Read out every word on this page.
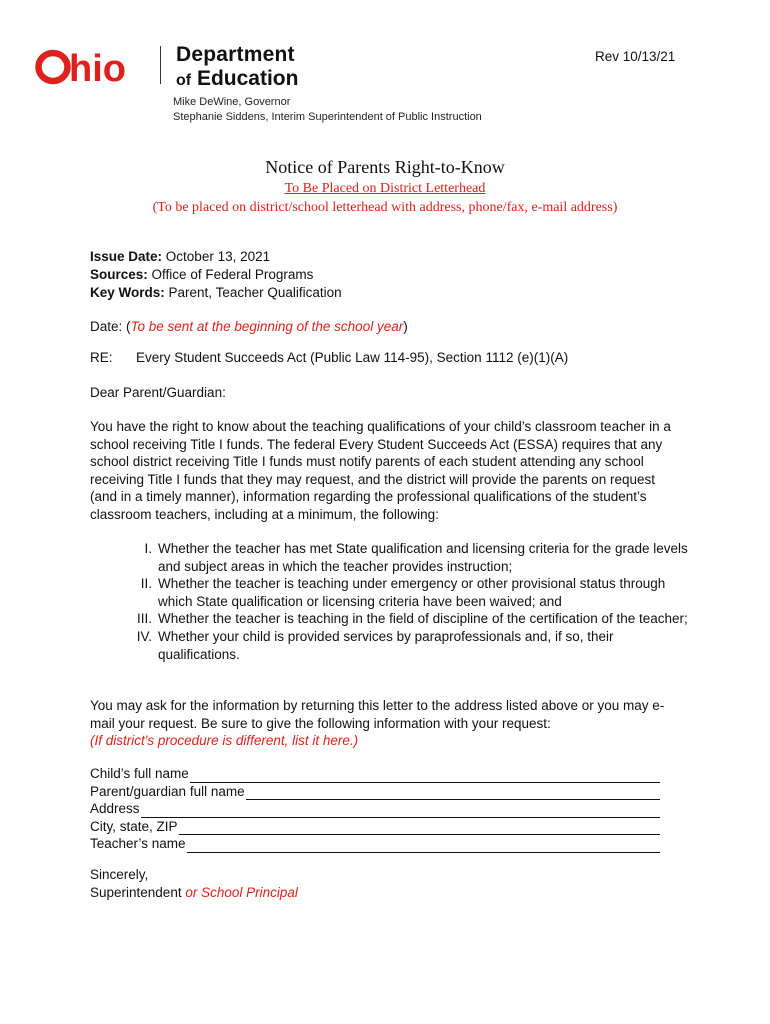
hio Department
of Education
Rev 10/13/21
Mike DeWine, Governor
Stephanie Siddens, Interim Superintendent of Public Instruction
Notice of Parents Right-to-Know
To Be Placed on District Letterhead
(To be placed on district/school letterhead with address, phone/fax, e-mail address)
Issue Date: October 13, 2021
Sources: Office of Federal Programs
Key Words: Parent, Teacher Qualification
Date: (To be sent at the beginning of the school year)
RE: Every Student Succeeds Act (Public Law 114-95), Section 1112 (e)(1)(A)
Dear Parent/Guardian:
You have the right to know about the teaching qualifications of your child’s classroom teacher in a school receiving Title I funds. The federal Every Student Succeeds Act (ESSA) requires that any school district receiving Title I funds must notify parents of each student attending any school receiving Title I funds that they may request, and the district will provide the parents on request (and in a timely manner), information regarding the professional qualifications of the student’s classroom teachers, including at a minimum, the following:
I. Whether the teacher has met State qualification and licensing criteria for the grade levels and subject areas in which the teacher provides instruction;
II. Whether the teacher is teaching under emergency or other provisional status through which State qualification or licensing criteria have been waived; and
III. Whether the teacher is teaching in the field of discipline of the certification of the teacher;
IV. Whether your child is provided services by paraprofessionals and, if so, their qualifications.
You may ask for the information by returning this letter to the address listed above or you may e-mail your request. Be sure to give the following information with your request:
(If district's procedure is different, list it here.)
Child’s full name
Parent/guardian full name
Address
City, state, ZIP
Teacher’s name
Sincerely,
Superintendent or School Principal
